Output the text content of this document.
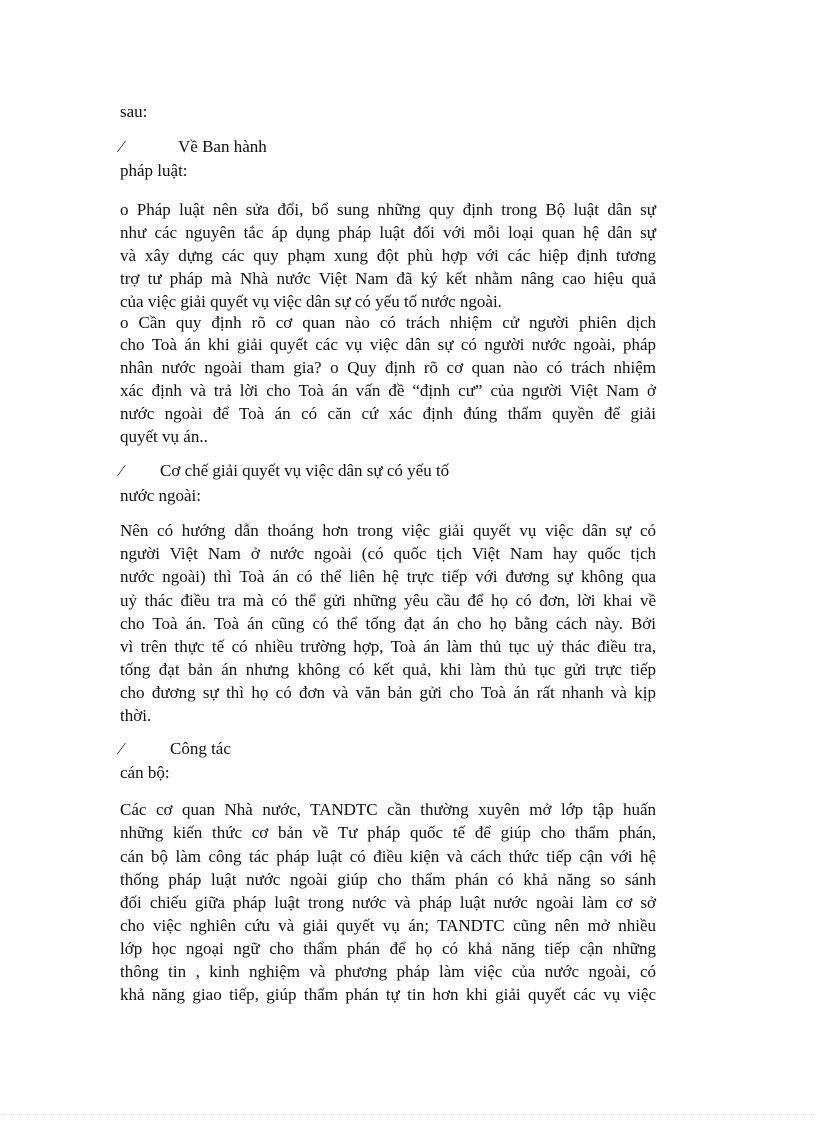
sau:
⁄	Về Ban hành
pháp luật:
o Pháp luật nên sửa đổi, bổ sung những quy định trong Bộ luật dân sự
như các nguyên tắc áp dụng pháp luật đối với mỗi loại quan hệ dân sự
và xây dựng các quy phạm xung đột phù hợp với các hiệp định tương
trợ tư pháp mà Nhà nước Việt Nam đã ký kết nhằm nâng cao hiệu quả
của việc giải quyết vụ việc dân sự có yếu tố nước ngoài.
o Cần quy định rõ cơ quan nào có trách nhiệm cử người phiên dịch
cho Toà án khi giải quyết các vụ việc dân sự có người nước ngoài, pháp
nhân nước ngoài tham gia? o Quy định rõ cơ quan nào có trách nhiệm
xác định và trả lời cho Toà án vấn đề “định cư” của người Việt Nam ở
nước ngoài để Toà án có căn cứ xác định đúng thẩm quyền để giải
quyết vụ án..
⁄ Cơ chế giải quyết vụ việc dân sự có yếu tố
nước ngoài:
Nên có hướng dẫn thoáng hơn trong việc giải quyết vụ việc dân sự có
người Việt Nam ở nước ngoài (có quốc tịch Việt Nam hay quốc tịch
nước ngoài) thì Toà án có thể liên hệ trực tiếp với đương sự không qua
uỷ thác điều tra mà có thể gửi những yêu cầu để họ có đơn, lời khai về
cho Toà án. Toà án cũng có thể tống đạt án cho họ bằng cách này. Bởi
vì trên thực tế có nhiều trường hợp, Toà án làm thủ tục uỷ thác điều tra,
tống đạt bản án nhưng không có kết quả, khi làm thủ tục gửi trực tiếp
cho đương sự thì họ có đơn và văn bản gửi cho Toà án rất nhanh và kịp
thời.
⁄	Công tác
cán bộ:
Các cơ quan Nhà nước, TANDTC cần thường xuyên mở lớp tập huấn
những kiến thức cơ bản về Tư pháp quốc tế để giúp cho thẩm phán,
cán bộ làm công tác pháp luật có điều kiện và cách thức tiếp cận với hệ
thống pháp luật nước ngoài giúp cho thẩm phán có khả năng so sánh
đối chiếu giữa pháp luật trong nước và pháp luật nước ngoài làm cơ sở
cho việc nghiên cứu và giải quyết vụ án; TANDTC cũng nên mở nhiều
lớp học ngoại ngữ cho thẩm phán để họ có khả năng tiếp cận những
thông tin , kinh nghiệm và phương pháp làm việc của nước ngoài, có
khả năng giao tiếp, giúp thẩm phán tự tin hơn khi giải quyết các vụ việc
